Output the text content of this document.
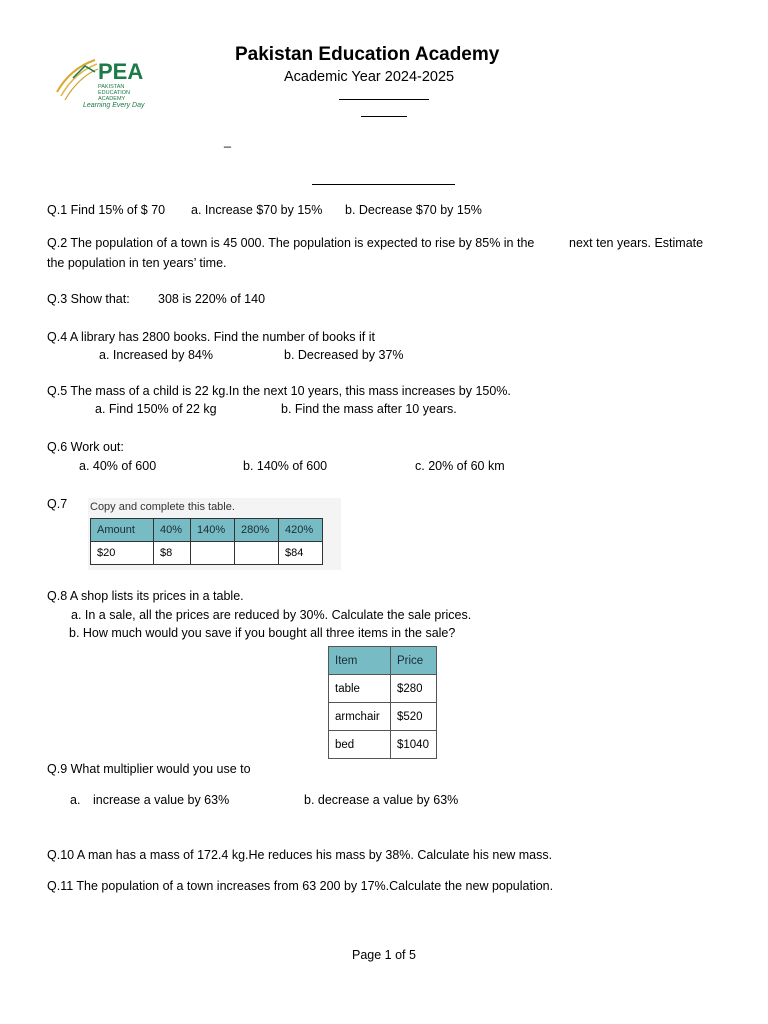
PEA
PAKISTAN
EDUCATION
ACADEMY
Learning Every Day
Pakistan Education Academy
Academic Year 2024-2025
_
Q.1 Find 15% of $ 70 a. Increase $70 by 15% b. Decrease $70 by 15%
Q.2 The population of a town is 45 000. The population is expected to rise by 85% in the	next ten years. Estimate
the population in ten years’ time.
Q.3 Show that: 308 is 220% of 140
Q.4 A library has 2800 books. Find the number of books if it
a. Increased by 84%	b. Decreased by 37%
Q.5 The mass of a child is 22 kg.In the next 10 years, this mass increases by 150%.
a. Find 150% of 22 kg	b. Find the mass after 10 years.
Q.6 Work out:
a. 40% of 600	b. 140% of 600	c. 20% of 60 km
Q.7 Copy and complete this table.
Amount	40%	140%	280%	420%
$20	$8			$84
Q.8 A shop lists its prices in a table.
a. In a sale, all the prices are reduced by 30%. Calculate the sale prices.
b. How much would you save if you bought all three items in the sale?
Item	Price
table	$280
armchair	$520
bed	$1040
Q.9 What multiplier would you use to
a. increase a value by 63%	b. decrease a value by 63%
Q.10 A man has a mass of 172.4 kg.He reduces his mass by 38%. Calculate his new mass.
Q.11 The population of a town increases from 63 200 by 17%.Calculate the new population.
Page 1 of 5
